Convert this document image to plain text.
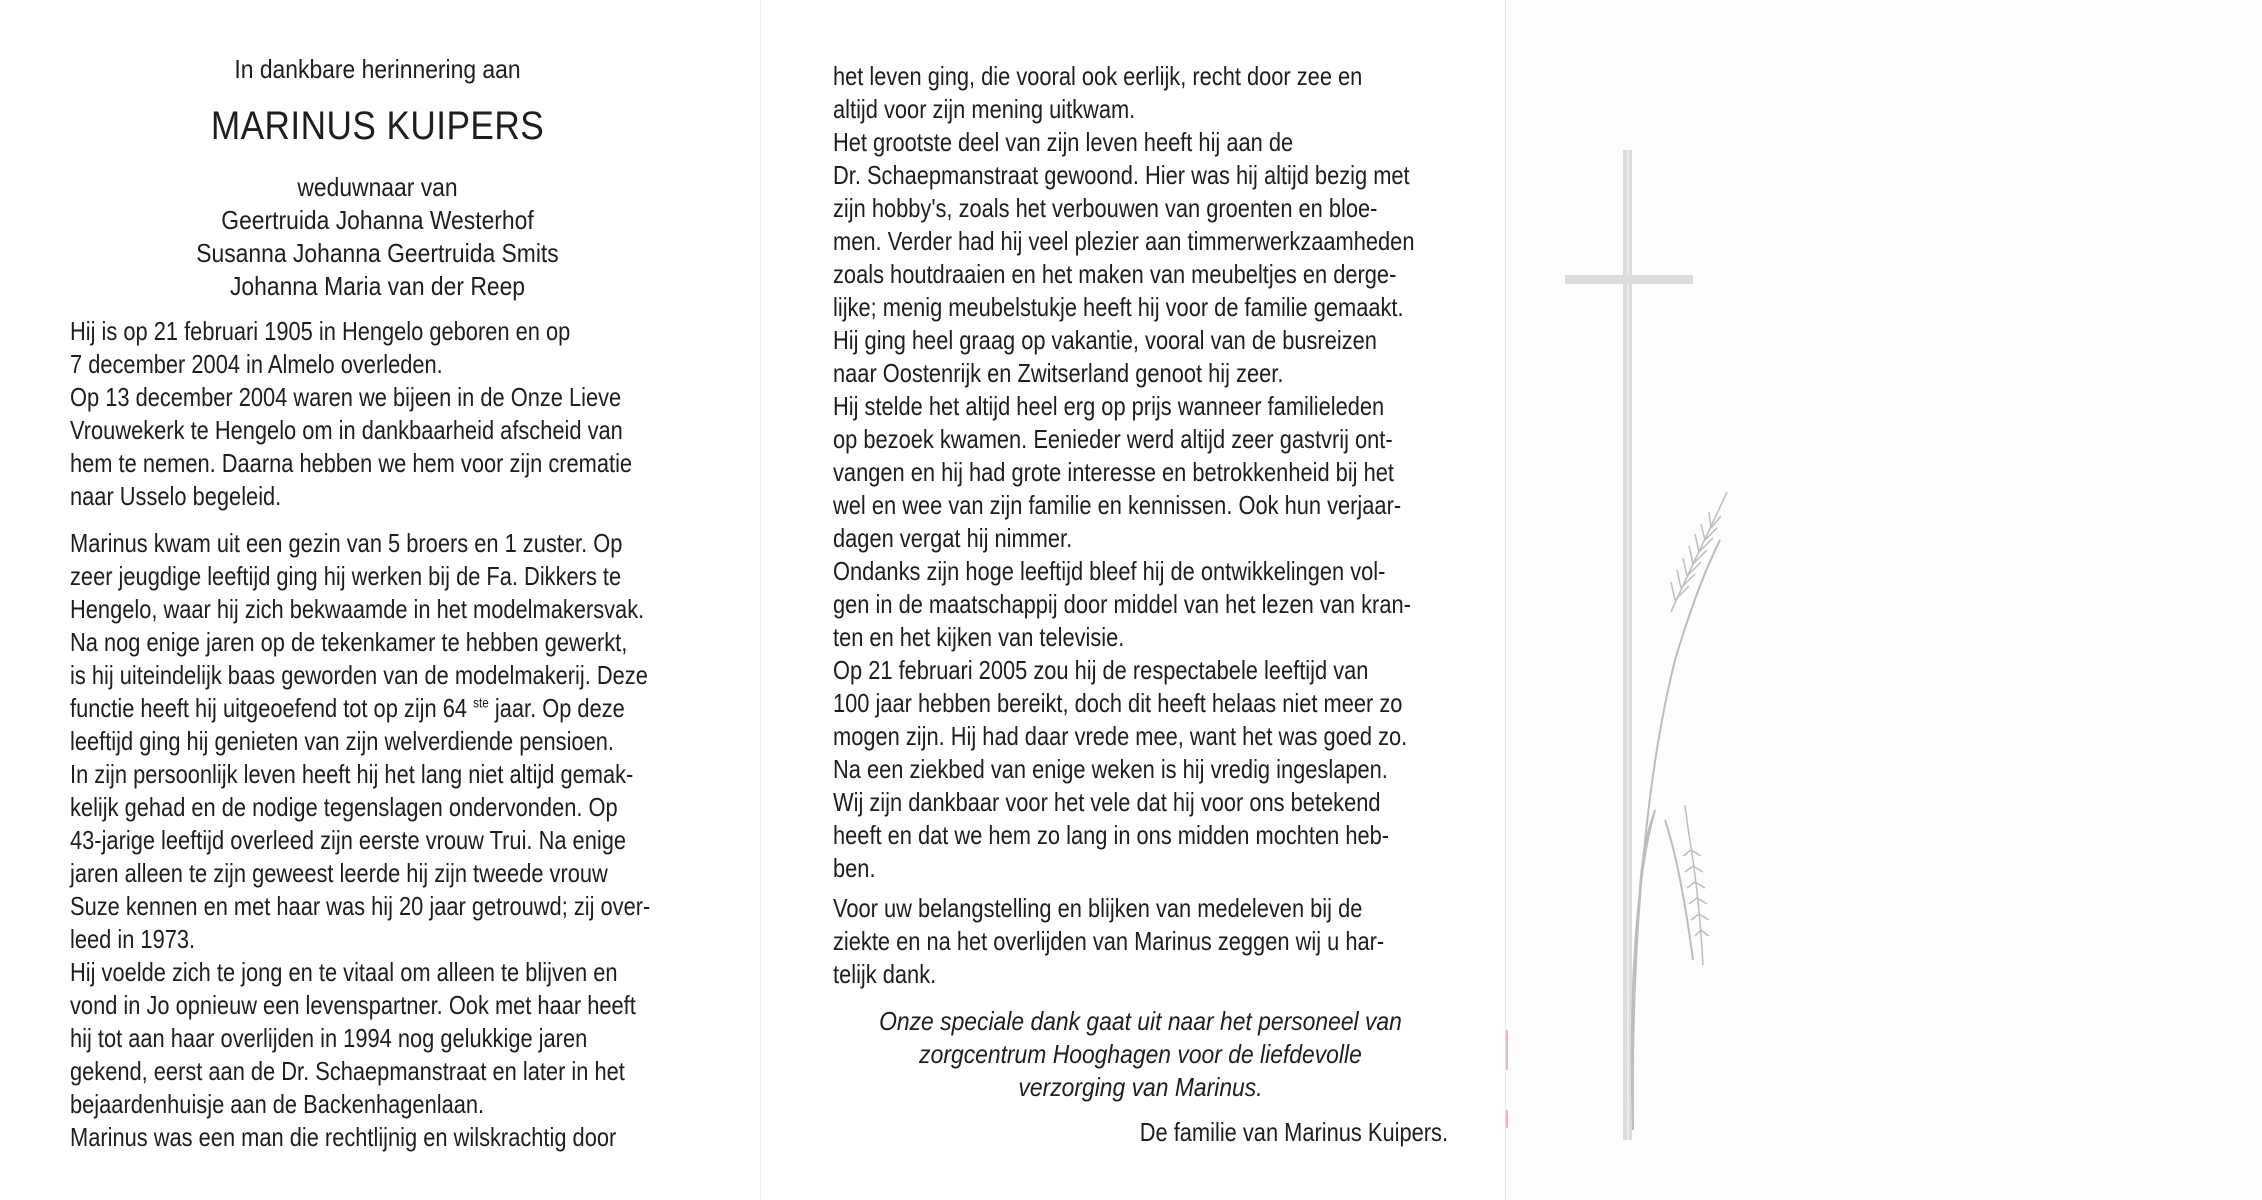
In dankbare herinnering aan
MARINUS KUIPERS
weduwnaar van
Geertruida Johanna Westerhof
Susanna Johanna Geertruida Smits
Johanna Maria van der Reep
Hij is op 21 februari 1905 in Hengelo geboren en op
7 december 2004 in Almelo overleden.
Op 13 december 2004 waren we bijeen in de Onze Lieve
Vrouwekerk te Hengelo om in dankbaarheid afscheid van
hem te nemen. Daarna hebben we hem voor zijn crematie
naar Usselo begeleid.
Marinus kwam uit een gezin van 5 broers en 1 zuster. Op
zeer jeugdige leeftijd ging hij werken bij de Fa. Dikkers te
Hengelo, waar hij zich bekwaamde in het modelmakersvak.
Na nog enige jaren op de tekenkamer te hebben gewerkt,
is hij uiteindelijk baas geworden van de modelmakerij. Deze
functie heeft hij uitgeoefend tot op zijn 64 $^{ste}$ jaar. Op deze
leeftijd ging hij genieten van zijn welverdiende pensioen.
In zijn persoonlijk leven heeft hij het lang niet altijd gemak-
kelijk gehad en de nodige tegenslagen ondervonden. Op
43-jarige leeftijd overleed zijn eerste vrouw Trui. Na enige
jaren alleen te zijn geweest leerde hij zijn tweede vrouw
Suze kennen en met haar was hij 20 jaar getrouwd; zij over-
leed in 1973.
Hij voelde zich te jong en te vitaal om alleen te blijven en
vond in Jo opnieuw een levenspartner. Ook met haar heeft
hij tot aan haar overlijden in 1994 nog gelukkige jaren
gekend, eerst aan de Dr. Schaepmanstraat en later in het
bejaardenhuisje aan de Backenhagenlaan.
Marinus was een man die rechtlijnig en wilskrachtig door
het leven ging, die vooral ook eerlijk, recht door zee en
altijd voor zijn mening uitkwam.
Het grootste deel van zijn leven heeft hij aan de
Dr. Schaepmanstraat gewoond. Hier was hij altijd bezig met
zijn hobby's, zoals het verbouwen van groenten en bloe-
men. Verder had hij veel plezier aan timmerwerkzaamheden
zoals houtdraaien en het maken van meubeltjes en derge-
lijke; menig meubelstukje heeft hij voor de familie gemaakt.
Hij ging heel graag op vakantie, vooral van de busreizen
naar Oostenrijk en Zwitserland genoot hij zeer.
Hij stelde het altijd heel erg op prijs wanneer familieleden
op bezoek kwamen. Eenieder werd altijd zeer gastvrij ont-
vangen en hij had grote interesse en betrokkenheid bij het
wel en wee van zijn familie en kennissen. Ook hun verjaar-
dagen vergat hij nimmer.
Ondanks zijn hoge leeftijd bleef hij de ontwikkelingen vol-
gen in de maatschappij door middel van het lezen van kran-
ten en het kijken van televisie.
Op 21 februari 2005 zou hij de respectabele leeftijd van
100 jaar hebben bereikt, doch dit heeft helaas niet meer zo
mogen zijn. Hij had daar vrede mee, want het was goed zo.
Na een ziekbed van enige weken is hij vredig ingeslapen.
Wij zijn dankbaar voor het vele dat hij voor ons betekend
heeft en dat we hem zo lang in ons midden mochten heb-
ben.
Voor uw belangstelling en blijken van medeleven bij de
ziekte en na het overlijden van Marinus zeggen wij u har-
telijk dank.
Onze speciale dank gaat uit naar het personeel van
zorgcentrum Hooghagen voor de liefdevolle
verzorging van Marinus.
De familie van Marinus Kuipers.
